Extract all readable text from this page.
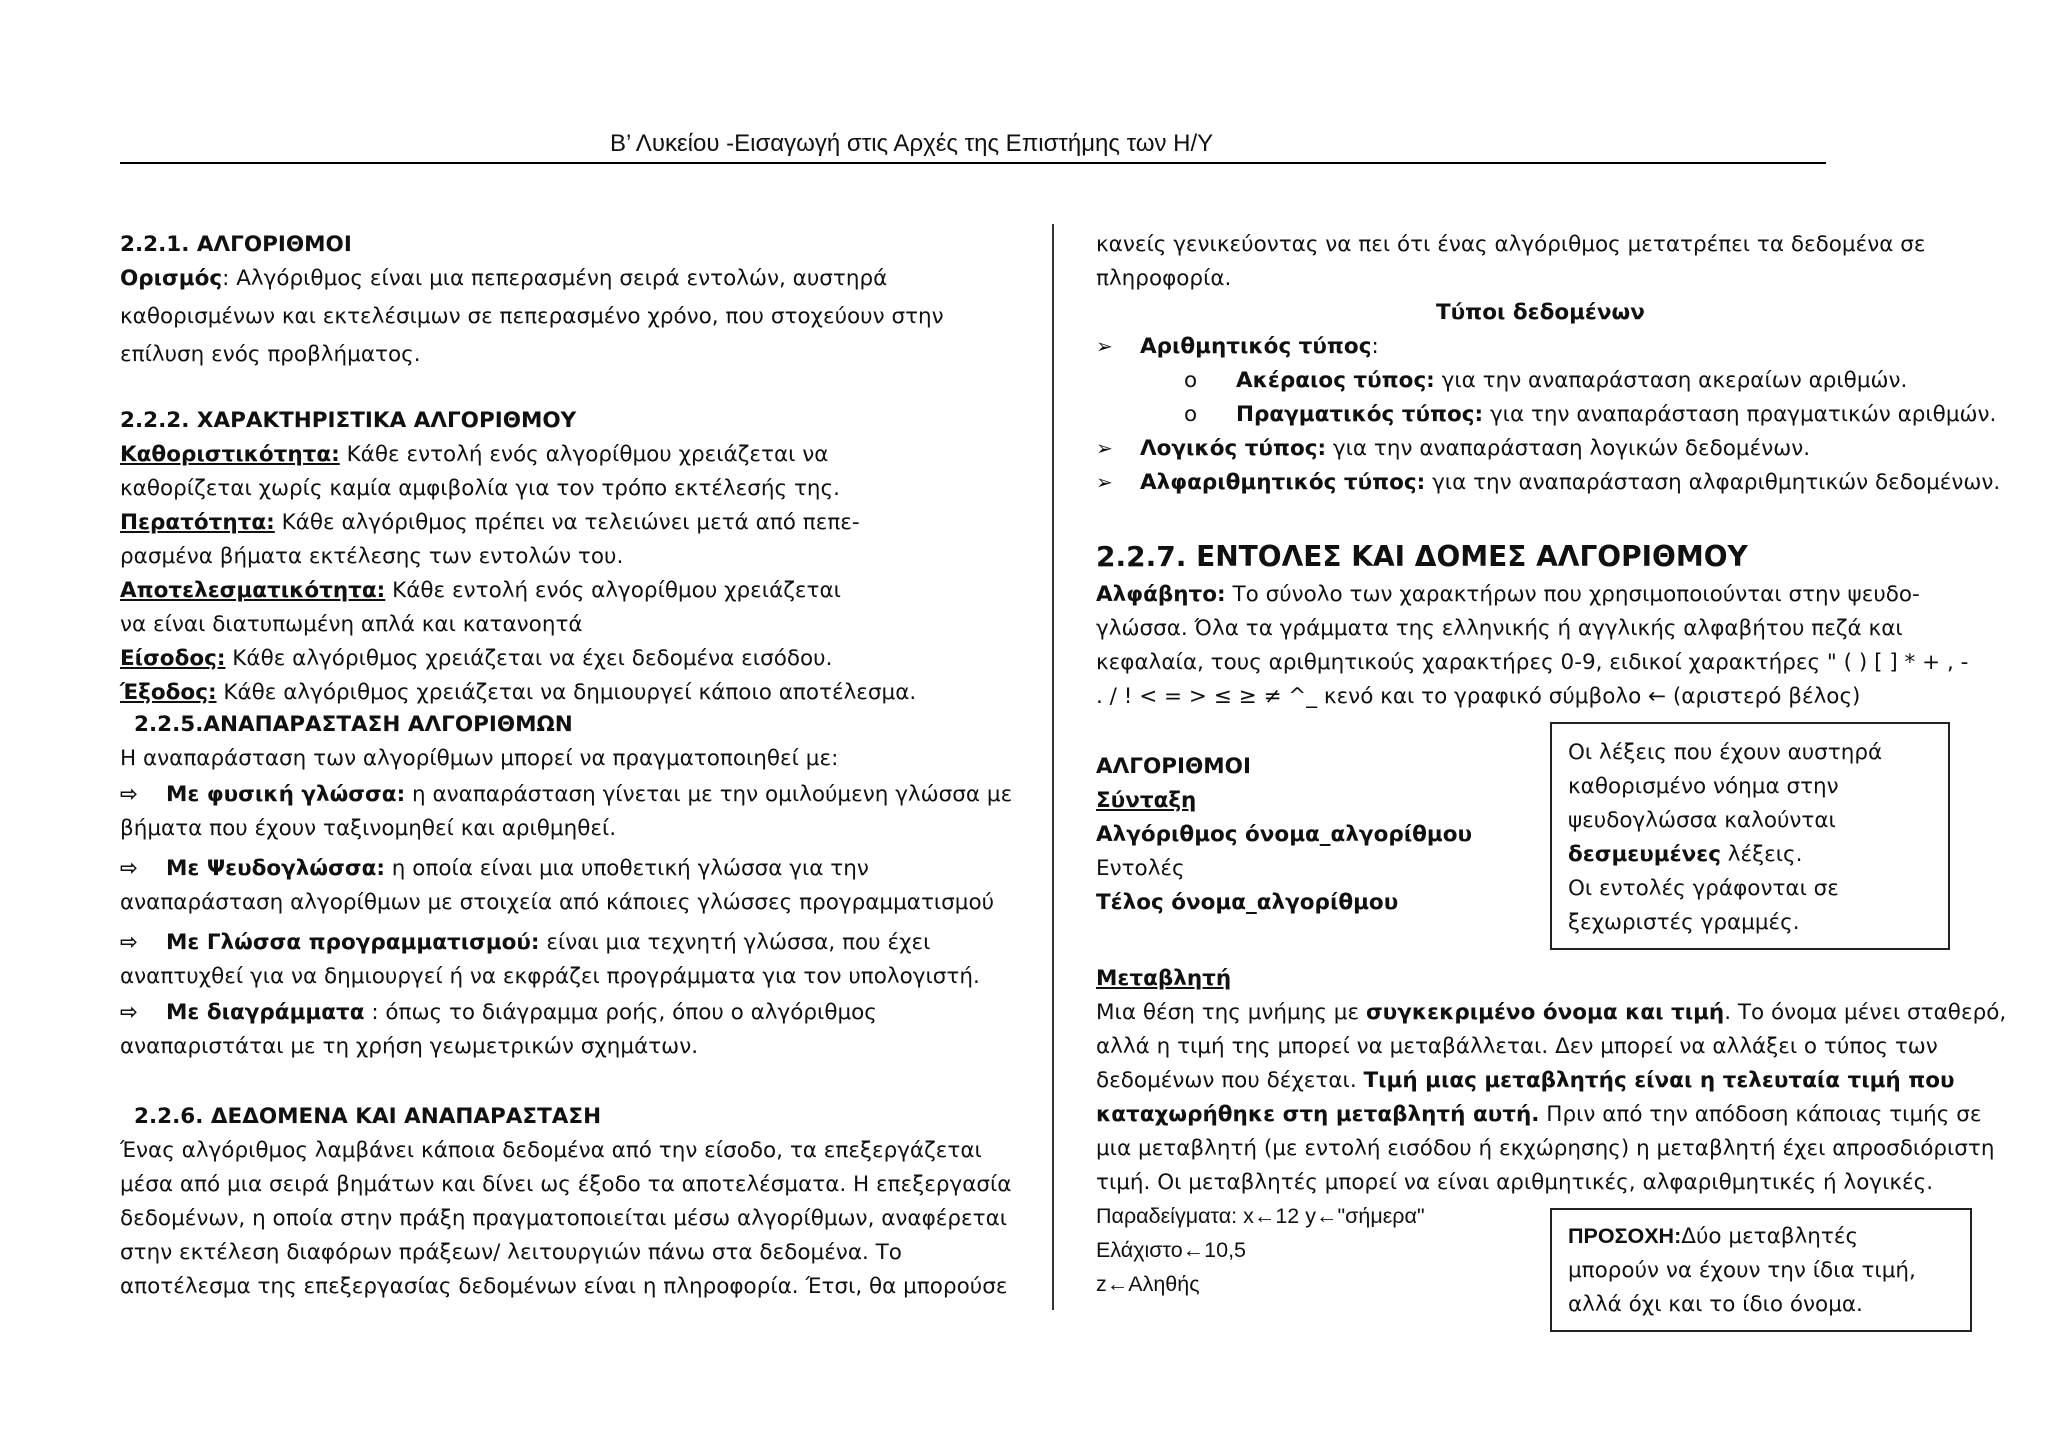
Β’ Λυκείου -Εισαγωγή στις Αρχές της Επιστήμης των Η/Υ
2.2.1. ΑΛΓΟΡΙΘΜΟΙ
Ορισμός: Αλγόριθμος είναι μια πεπερασμένη σειρά εντολών, αυστηρά
καθορισμένων και εκτελέσιμων σε πεπερασμένο χρόνο, που στοχεύουν στην
επίλυση ενός προβλήματος.
2.2.2. ΧΑΡΑΚΤΗΡΙΣΤΙΚΑ ΑΛΓΟΡΙΘΜΟΥ
Καθοριστικότητα: Κάθε εντολή ενός αλγορίθμου χρειάζεται να
καθορίζεται χωρίς καμία αμφιβολία για τον τρόπο εκτέλεσής της.
Περατότητα: Κάθε αλγόριθμος πρέπει να τελειώνει μετά από πεπε-
ρασμένα βήματα εκτέλεσης των εντολών του.
Αποτελεσματικότητα: Κάθε εντολή ενός αλγορίθμου χρειάζεται
να είναι διατυπωμένη απλά και κατανοητά
Είσοδος: Κάθε αλγόριθμος χρειάζεται να έχει δεδομένα εισόδου.
Έξοδος: Κάθε αλγόριθμος χρειάζεται να δημιουργεί κάποιο αποτέλεσμα.
2.2.5.ΑΝΑΠΑΡΑΣΤΑΣΗ ΑΛΓΟΡΙΘΜΩΝ
Η αναπαράσταση των αλγορίθμων μπορεί να πραγματοποιηθεί με:
⇨ Με φυσική γλώσσα: η αναπαράσταση γίνεται με την ομιλούμενη γλώσσα με
βήματα που έχουν ταξινομηθεί και αριθμηθεί.
⇨ Με Ψευδογλώσσα: η οποία είναι μια υποθετική γλώσσα για την
αναπαράσταση αλγορίθμων με στοιχεία από κάποιες γλώσσες προγραμματισμού
⇨ Με Γλώσσα προγραμματισμού: είναι μια τεχνητή γλώσσα, που έχει
αναπτυχθεί για να δημιουργεί ή να εκφράζει προγράμματα για τον υπολογιστή.
⇨ Με διαγράμματα : όπως το διάγραμμα ροής, όπου ο αλγόριθμος
αναπαριστάται με τη χρήση γεωμετρικών σχημάτων.
2.2.6. ΔΕΔΟΜΕΝΑ ΚΑΙ ΑΝΑΠΑΡΑΣΤΑΣΗ
Ένας αλγόριθμος λαμβάνει κάποια δεδομένα από την είσοδο, τα επεξεργάζεται
μέσα από μια σειρά βημάτων και δίνει ως έξοδο τα αποτελέσματα. Η επεξεργασία
δεδομένων, η οποία στην πράξη πραγματοποιείται μέσω αλγορίθμων, αναφέρεται
στην εκτέλεση διαφόρων πράξεων/ λειτουργιών πάνω στα δεδομένα. Το
αποτέλεσμα της επεξεργασίας δεδομένων είναι η πληροφορία. Έτσι, θα μπορούσε
κανείς γενικεύοντας να πει ότι ένας αλγόριθμος μετατρέπει τα δεδομένα σε
πληροφορία.
Τύποι δεδομένων
➢ Αριθμητικός τύπος:
o Ακέραιος τύπος: για την αναπαράσταση ακεραίων αριθμών.
o Πραγματικός τύπος: για την αναπαράσταση πραγματικών αριθμών.
➢ Λογικός τύπος: για την αναπαράσταση λογικών δεδομένων.
➢ Αλφαριθμητικός τύπος: για την αναπαράσταση αλφαριθμητικών δεδομένων.
2.2.7. ΕΝΤΟΛΕΣ ΚΑΙ ΔΟΜΕΣ ΑΛΓΟΡΙΘΜΟΥ
Αλφάβητο: Το σύνολο των χαρακτήρων που χρησιμοποιούνται στην ψευδο-
γλώσσα. Όλα τα γράμματα της ελληνικής ή αγγλικής αλφαβήτου πεζά και
κεφαλαία, τους αριθμητικούς χαρακτήρες 0-9, ειδικοί χαρακτήρες " ( ) [ ] * + , -
. / ! < = > ≤ ≥ ≠ ^_ κενό και το γραφικό σύμβολο ← (αριστερό βέλος)
ΑΛΓΟΡΙΘΜΟΙ
Σύνταξη
Αλγόριθμος όνομα_αλγορίθμου
Εντολές
Τέλος όνομα_αλγορίθμου
Μεταβλητή
Μια θέση της μνήμης με συγκεκριμένο όνομα και τιμή. Το όνομα μένει σταθερό,
αλλά η τιμή της μπορεί να μεταβάλλεται. Δεν μπορεί να αλλάξει ο τύπος των
δεδομένων που δέχεται. Τιμή μιας μεταβλητής είναι η τελευταία τιμή που
καταχωρήθηκε στη μεταβλητή αυτή. Πριν από την απόδοση κάποιας τιμής σε
μια μεταβλητή (με εντολή εισόδου ή εκχώρησης) η μεταβλητή έχει απροσδιόριστη
τιμή. Οι μεταβλητές μπορεί να είναι αριθμητικές, αλφαριθμητικές ή λογικές.
Παραδείγματα: x←12 y←"σήμερα"
Ελάχιστο←10,5
z←Αληθής
Οι λέξεις που έχουν αυστηρά
καθορισμένο νόημα στην
ψευδογλώσσα καλούνται
δεσμευμένες λέξεις.
Οι εντολές γράφονται σε
ξεχωριστές γραμμές.
ΠΡΟΣΟΧΗ:Δύο μεταβλητές
μπορούν να έχουν την ίδια τιμή,
αλλά όχι και το ίδιο όνομα.
